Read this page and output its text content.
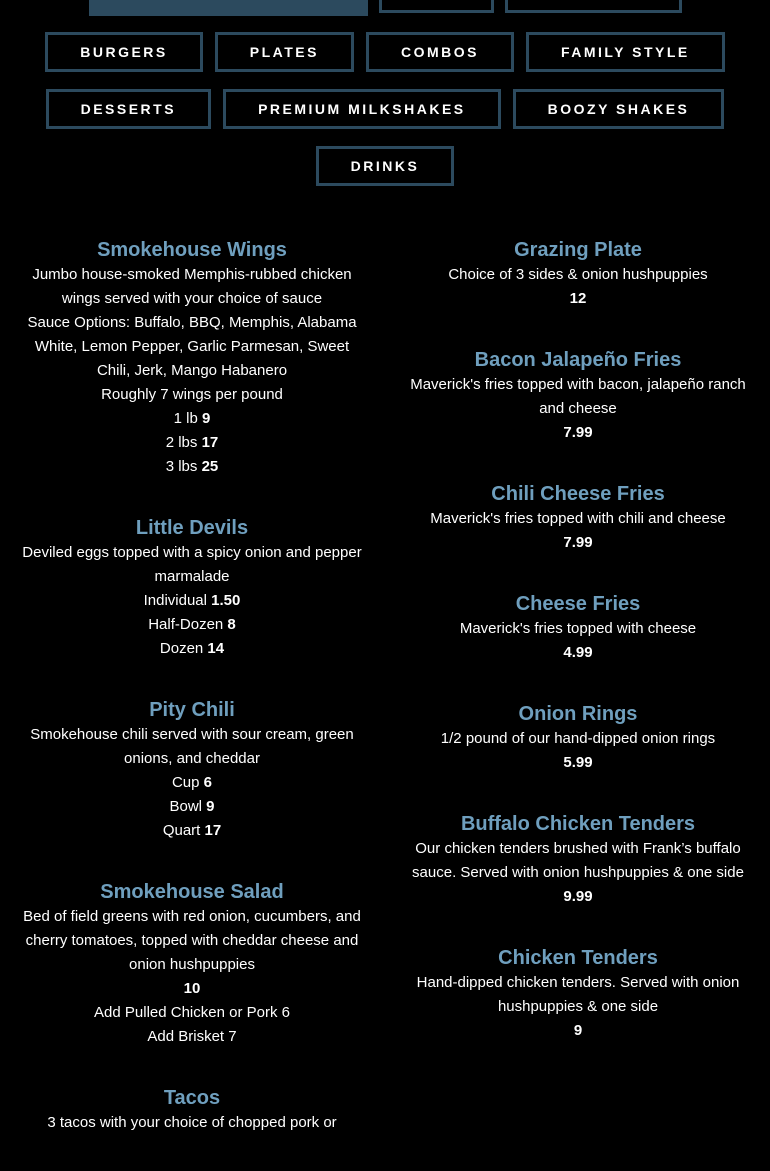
BURGERS	PLATES	COMBOS	FAMILY STYLE
DESSERTS	PREMIUM MILKSHAKES	BOOZY SHAKES
DRINKS
Smokehouse Wings

Jumbo house-smoked Memphis-rubbed chicken wings served with your choice of sauce

Sauce Options: Buffalo, BBQ, Memphis, Alabama White, Lemon Pepper, Garlic Parmesan, Sweet Chili, Jerk, Mango Habanero

Roughly 7 wings per pound

1 lb 9

2 lbs 17

3 lbs 25

Little Devils

Deviled eggs topped with a spicy onion and pepper marmalade

Individual 1.50

Half-Dozen 8

Dozen 14

Pity Chili

Smokehouse chili served with sour cream, green onions, and cheddar

Cup 6

Bowl 9

Quart 17

Smokehouse Salad

Bed of field greens with red onion, cucumbers, and cherry tomatoes, topped with cheddar cheese and onion hushpuppies

10

Add Pulled Chicken or Pork 6

Add Brisket 7

Tacos

3 tacos with your choice of chopped pork or

Grazing Plate

Choice of 3 sides & onion hushpuppies

12

Bacon Jalapeño Fries

Maverick's fries topped with bacon, jalapeño ranch and cheese

7.99

Chili Cheese Fries

Maverick's fries topped with chili and cheese

7.99

Cheese Fries

Maverick's fries topped with cheese

4.99

Onion Rings

1/2 pound of our hand-dipped onion rings

5.99

Buffalo Chicken Tenders

Our chicken tenders brushed with Frank’s buffalo sauce. Served with onion hushpuppies & one side

9.99

Chicken Tenders

Hand-dipped chicken tenders. Served with onion hushpuppies & one side

9
